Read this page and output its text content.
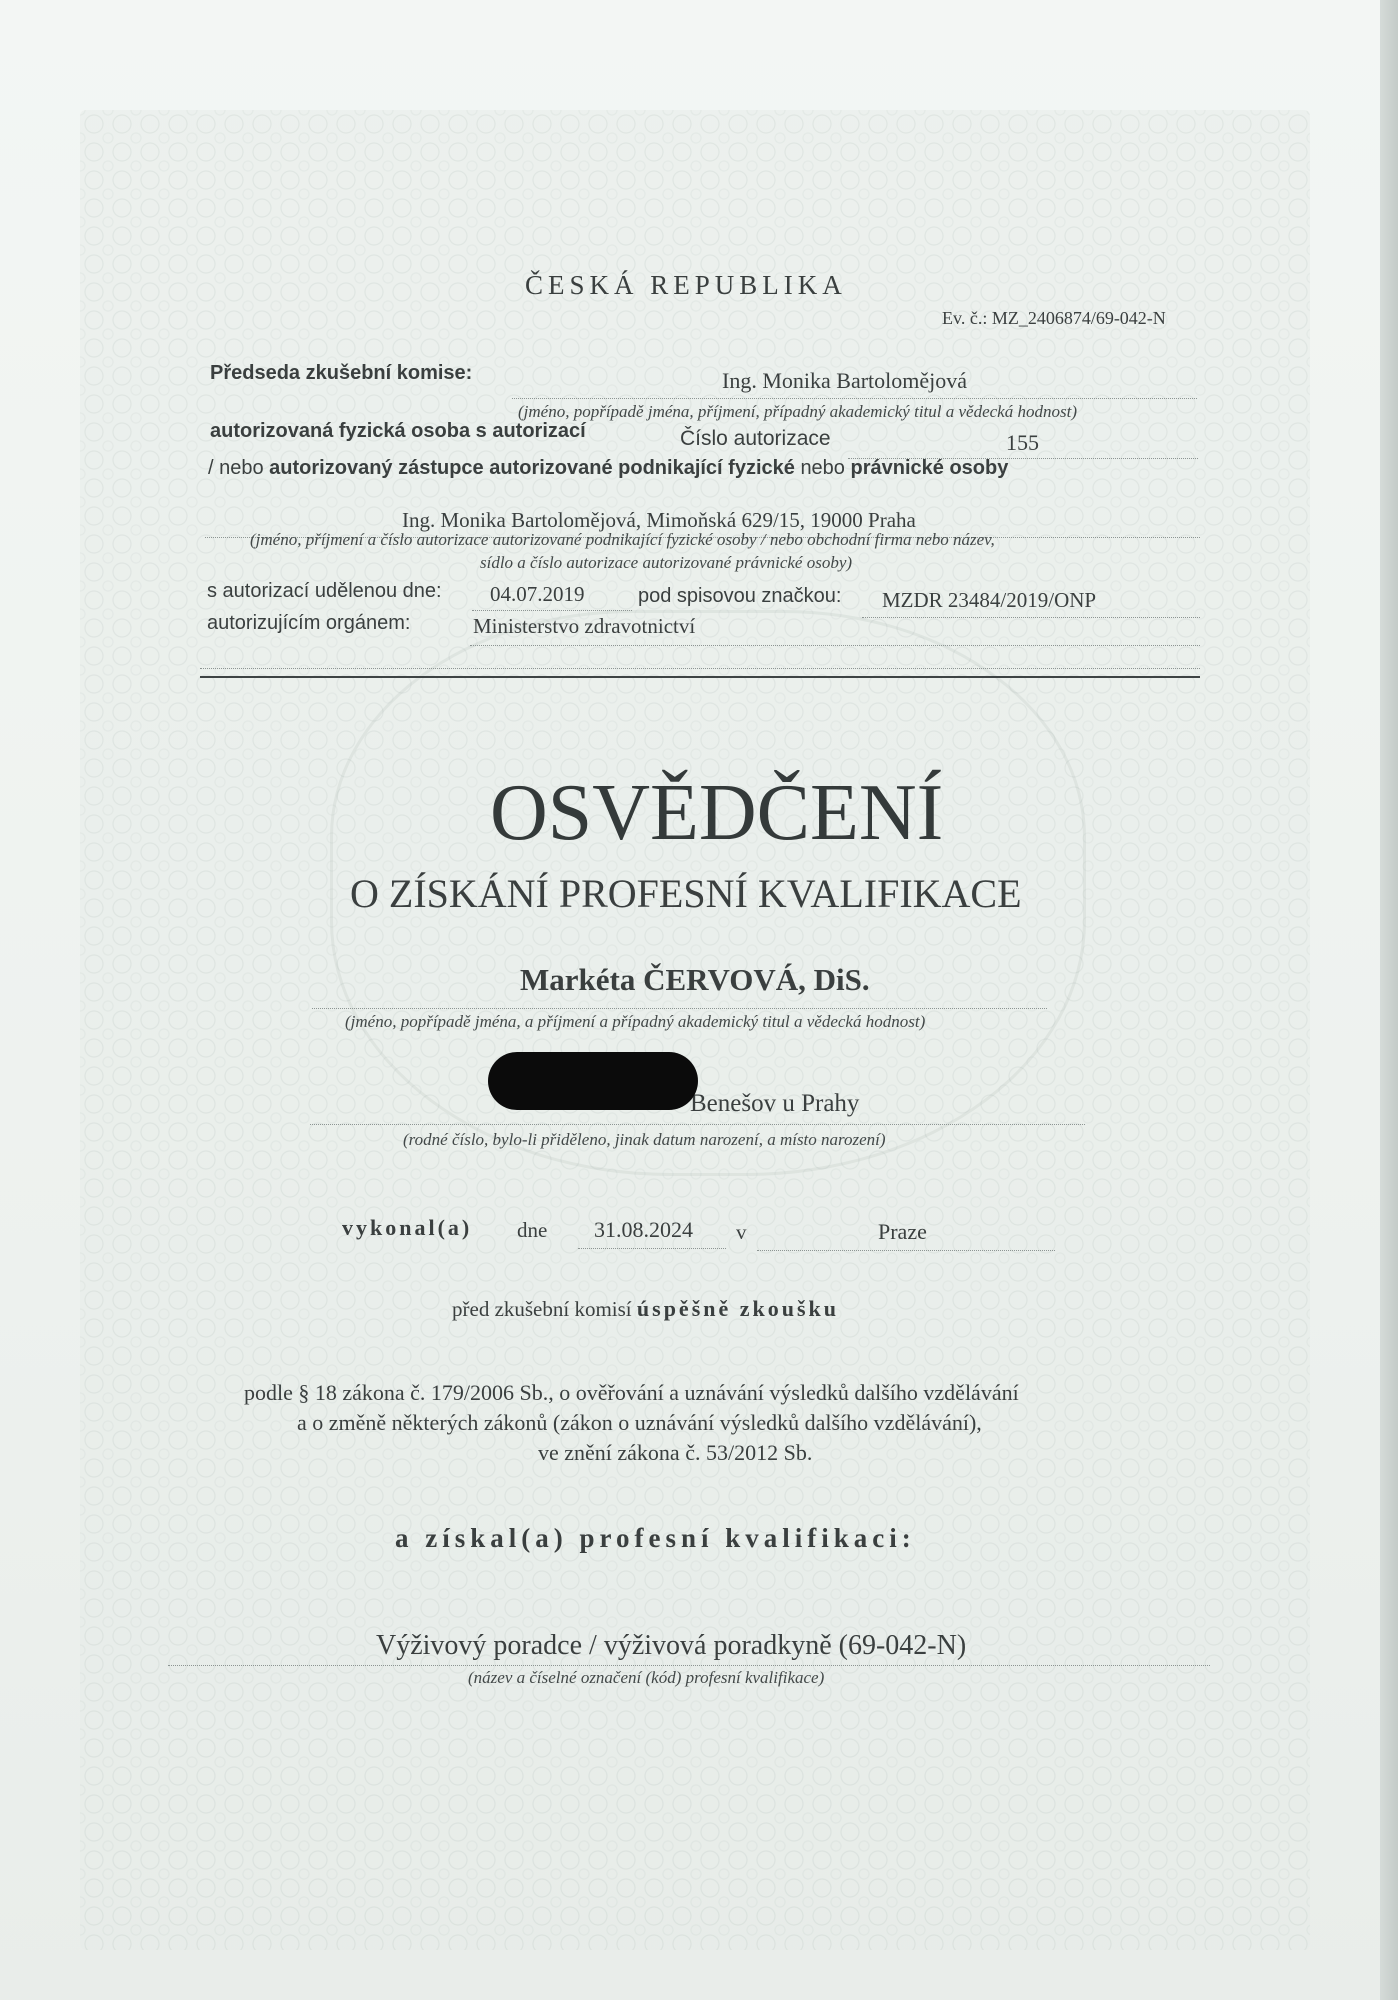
ČESKÁ REPUBLIKA
Ev. č.: MZ_2406874/69-042-N
Předseda zkušební komise:	Ing. Monika Bartolomějová
(jméno, popřípadě jména, příjmení, případný akademický titul a vědecká hodnost)
autorizovaná fyzická osoba s autorizací	Číslo autorizace	155
/ nebo autorizovaný zástupce autorizované podnikající fyzické nebo právnické osoby
Ing. Monika Bartolomějová, Mimoňská 629/15, 19000 Praha
(jméno, příjmení a číslo autorizace autorizované podnikající fyzické osoby / nebo obchodní firma nebo název,
sídlo a číslo autorizace autorizované právnické osoby)
s autorizací udělenou dne: 04.07.2019	pod spisovou značkou: MZDR 23484/2019/ONP
autorizujícím orgánem:	Ministerstvo zdravotnictví
OSVĚDČENÍ
O ZÍSKÁNÍ PROFESNÍ KVALIFIKACE
Markéta ČERVOVÁ, DiS.
(jméno, popřípadě jména, a příjmení a případný akademický titul a vědecká hodnost)
Benešov u Prahy
(rodné číslo, bylo-li přiděleno, jinak datum narození, a místo narození)
vykonal(a) dne 31.08.2024 v	Praze
před zkušební komisí úspěšně zkoušku
podle § 18 zákona č. 179/2006 Sb., o ověřování a uznávání výsledků dalšího vzdělávání
a o změně některých zákonů (zákon o uznávání výsledků dalšího vzdělávání),
ve znění zákona č. 53/2012 Sb.
a získal(a) profesní kvalifikaci:
Výživový poradce / výživová poradkyně (69-042-N)
(název a číselné označení (kód) profesní kvalifikace)
